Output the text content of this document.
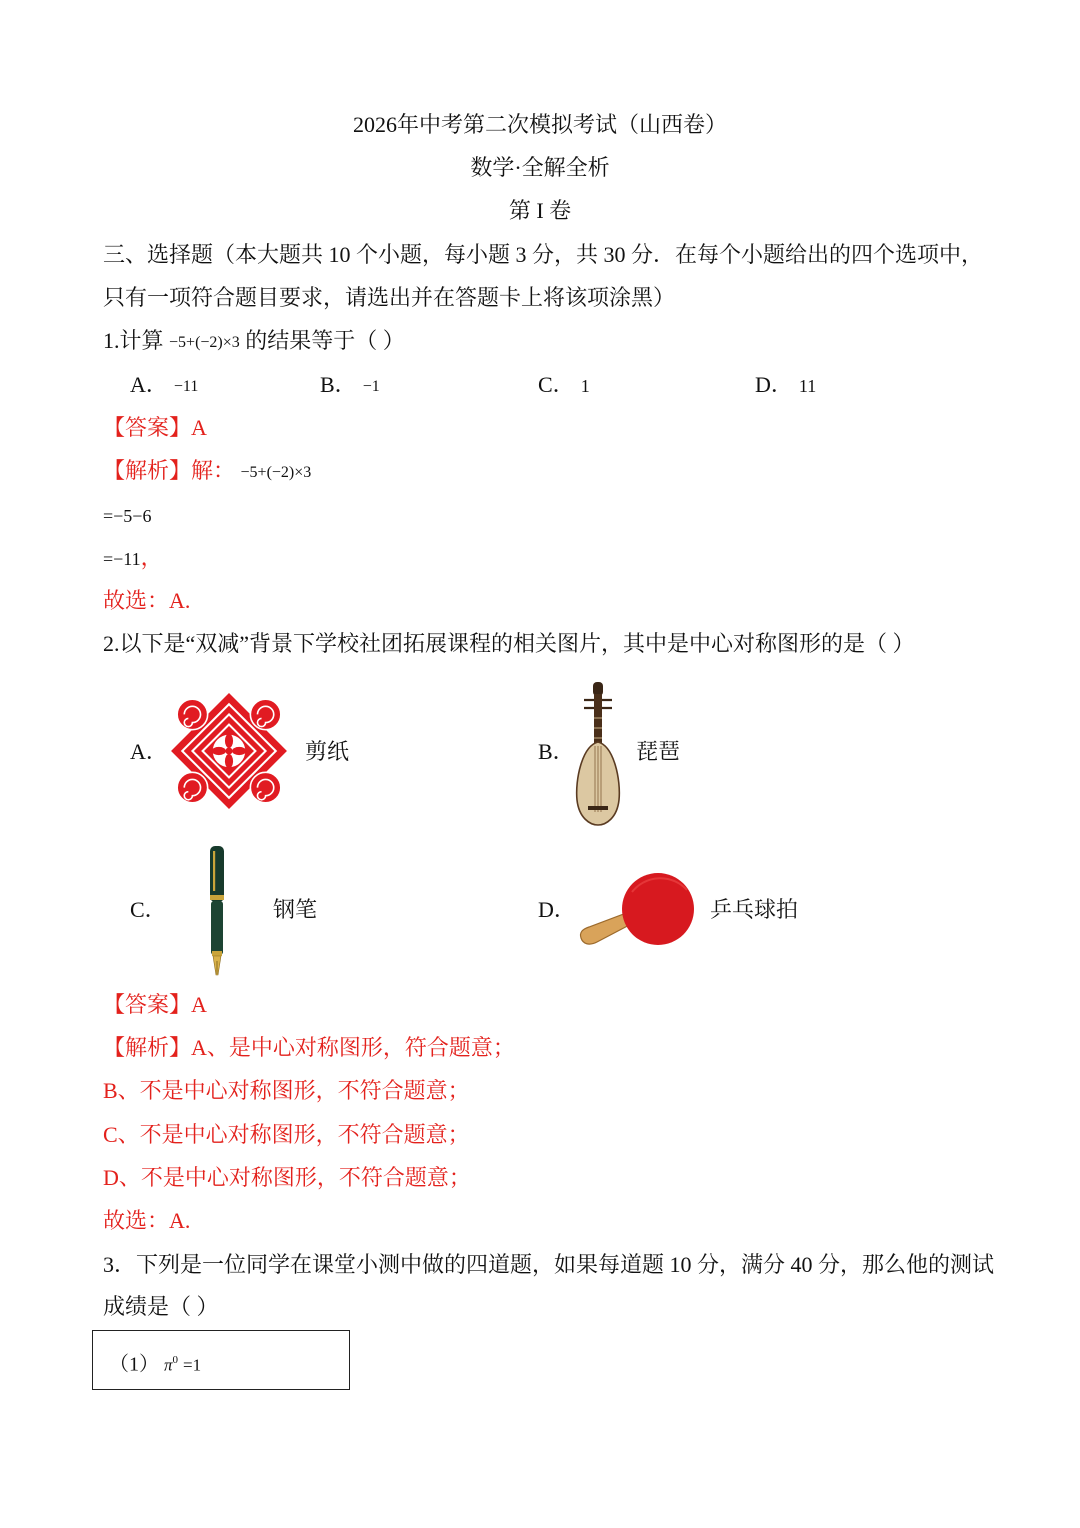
2026年中考第二次模拟考试（山西卷）
数学·全解全析
第 I 卷
三、选择题（本大题共 10 个小题，每小题 3 分，共 30 分．在每个小题给出的四个选项中，
只有一项符合题目要求，请选出并在答题卡上将该项涂黑）
1.计算 −5+(−2)×3 的结果等于（ ）
A． −11	B． −1	C． 1	D． 11
【答案】A
【解析】解： −5+(−2)×3
=−5−6
=−11，
故选：A.
2.以下是“双减”背景下学校社团拓展课程的相关图片，其中是中心对称图形的是（ ）
A．	剪纸	B．	琵琶
C．	钢笔	D．	乒乓球拍
【答案】A
【解析】A、是中心对称图形，符合题意；
B、不是中心对称图形，不符合题意；
C、不是中心对称图形，不符合题意；
D、不是中心对称图形，不符合题意；
故选：A.
3．下列是一位同学在课堂小测中做的四道题，如果每道题 10 分，满分 40 分，那么他的测试
成绩是（ ）
（1） $\pi^0 =1$
